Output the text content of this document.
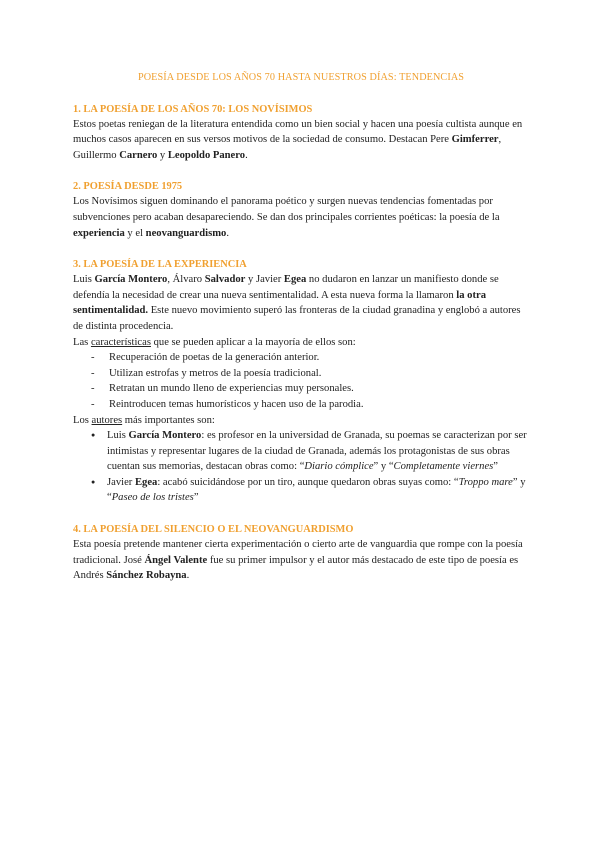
POESÍA DESDE LOS AÑOS 70 HASTA NUESTROS DÍAS: TENDENCIAS
1. LA POESÍA DE LOS AÑOS 70: LOS NOVÍSIMOS

Estos poetas reniegan de la literatura entendida como un bien social y hacen una poesía cultista aunque en muchos casos aparecen en sus versos motivos de la sociedad de consumo. Destacan Pere Gimferrer, Guillermo Carnero y Leopoldo Panero.

2. POESÍA DESDE 1975

Los Novísimos siguen dominando el panorama poético y surgen nuevas tendencias fomentadas por subvenciones pero acaban desapareciendo. Se dan dos principales corrientes poéticas: la poesía de la experiencia y el neovanguardismo.

3. LA POESÍA DE LA EXPERIENCIA

Luis García Montero, Álvaro Salvador y Javier Egea no dudaron en lanzar un manifiesto donde se defendía la necesidad de crear una nueva sentimentalidad. A esta nueva forma la llamaron la otra sentimentalidad. Este nuevo movimiento superó las fronteras de la ciudad granadina y englobó a autores de distinta procedencia.

Las características que se pueden aplicar a la mayoría de ellos son:

- Recuperación de poetas de la generación anterior.
- Utilizan estrofas y metros de la poesía tradicional.
- Retratan un mundo lleno de experiencias muy personales.
- Reintroducen temas humorísticos y hacen uso de la parodia.

Los autores más importantes son:

● Luis García Montero: es profesor en la universidad de Granada, su poemas se caracterizan por ser intimistas y representar lugares de la ciudad de Granada, además los protagonistas de sus obras cuentan sus memorias, destacan obras como: “Diario cómplice” y “Completamente viernes”
● Javier Egea: acabó suicidándose por un tiro, aunque quedaron obras suyas como: “Troppo mare” y “Paseo de los tristes”
4. LA POESÍA DEL SILENCIO O EL NEOVANGUARDISMO

Esta poesía pretende mantener cierta experimentación o cierto arte de vanguardia que rompe con la poesía tradicional. José Ángel Valente fue su primer impulsor y el autor más destacado de este tipo de poesía es Andrés Sánchez Robayna.
